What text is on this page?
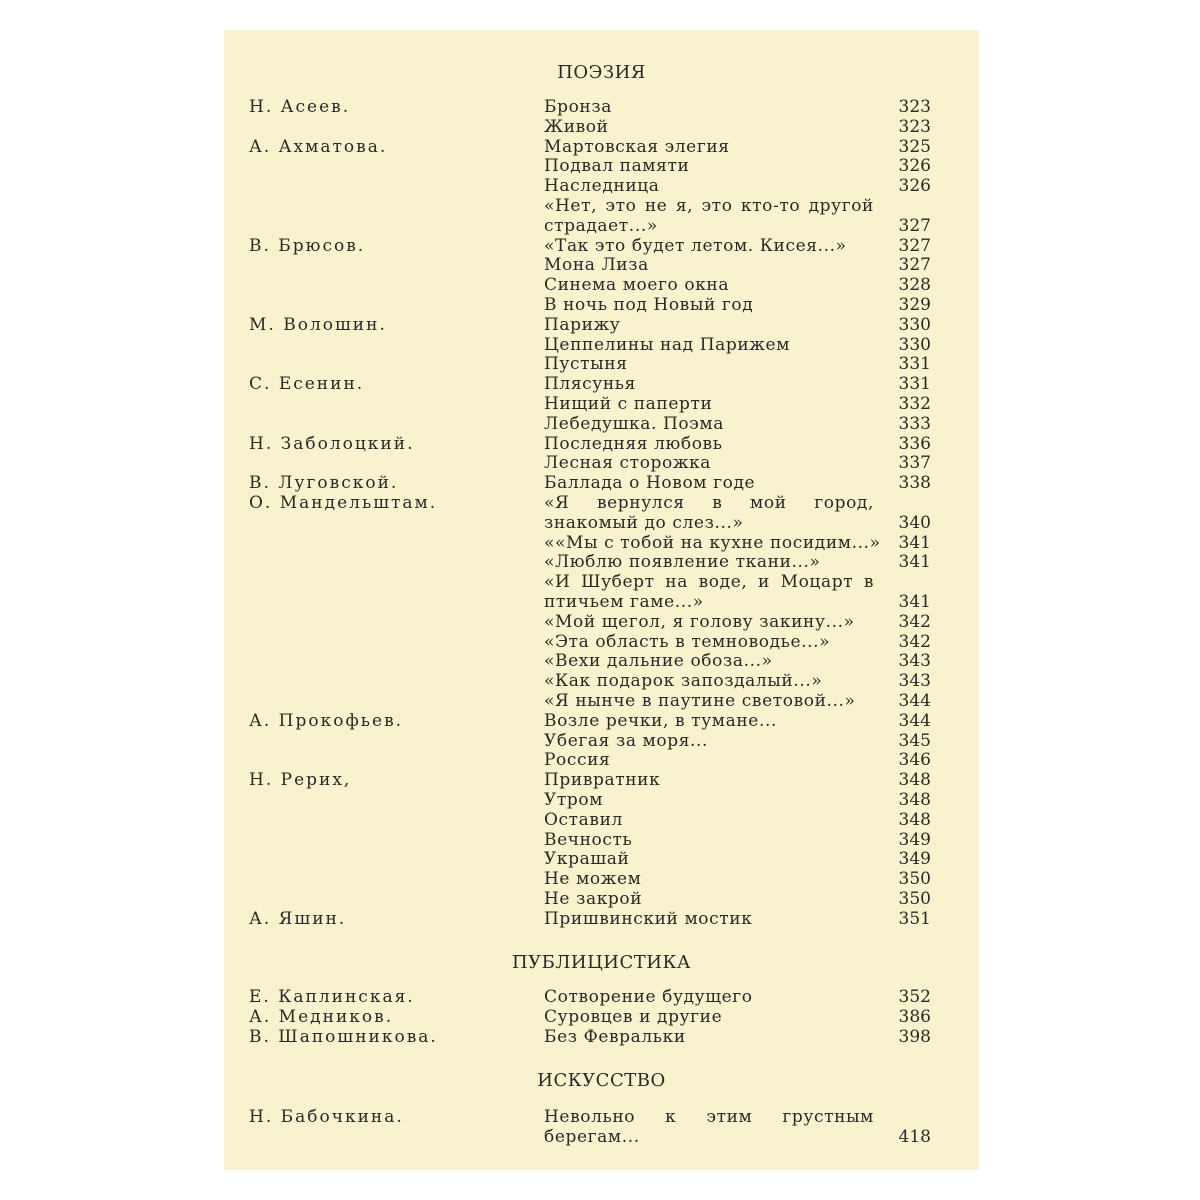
ПОЭЗИЯ
Н. Асеев.	Бронза	323
Живой	323
А. Ахматова.	Мартовская элегия	325
Подвал памяти	326
Наследница	326
«Нет, это не я, это кто-то другой страдает...»	327
В. Брюсов.	«Так это будет летом. Кисея...»	327
Мона Лиза	327
Синема моего окна	328
В ночь под Новый год	329
М. Волошин.	Парижу	330
Цеппелины над Парижем	330
Пустыня	331
С. Есенин.	Плясунья	331
Нищий с паперти	332
Лебедушка. Поэма	333
Н. Заболоцкий.	Последняя любовь	336
Лесная сторожка	337
В. Луговской.	Баллада о Новом годе	338
О. Мандельштам.	«Я вернулся в мой город, знакомый до слез...»	340
««Мы с тобой на кухне посидим...» 341
«Люблю появление ткани...»	341
«И Шуберт на воде, и Моцарт в птичьем гаме...»	341
«Мой щегол, я голову закину...»	342
«Эта область в темноводье...»	342
«Вехи дальние обоза...»	343
«Как подарок запоздалый...»	343
«Я нынче в паутине световой...»	344
А. Прокофьев.	Возле речки, в тумане...	344
Убегая за моря...	345
Россия	346
Н. Рерих,	Привратник	348
Утром	348
Оставил	348
Вечность	349
Украшай	349
Не можем	350
Не закрой	350
А. Яшин.	Пришвинский мостик	351
ПУБЛИЦИСТИКА
Е. Каплинская.	Сотворение будущего	352
А. Медников.	Суровцев и другие	386
В. Шапошникова.	Без Февральки	398
ИСКУССТВО
Н. Бабочкина.	Невольно к этим грустным берегам...	418
